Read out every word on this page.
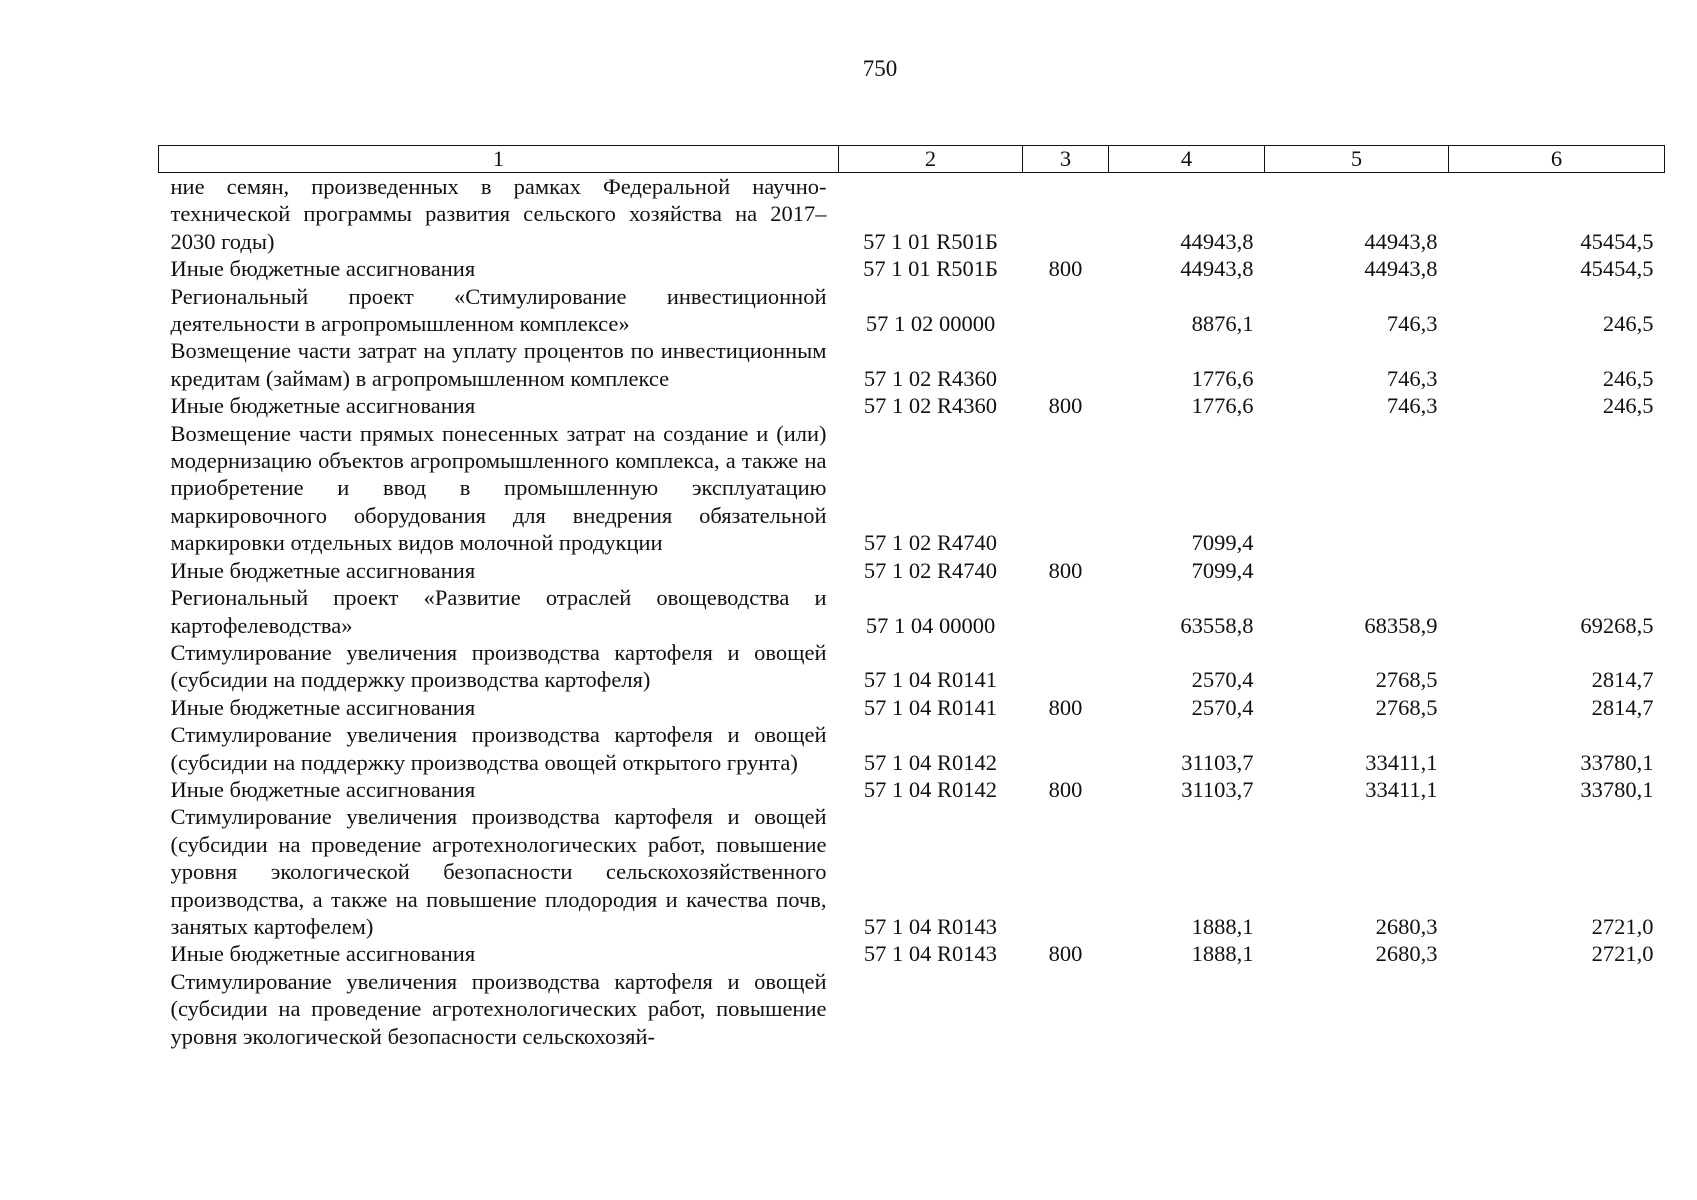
750
1	2	3	4	5	6
ние семян, произведенных в рамках Федеральной научно-технической программы развития сельского хозяйства на 2017–2030 годы)	57 1 01 R501Б		44943,8	44943,8	45454,5
Иные бюджетные ассигнования	57 1 01 R501Б	800	44943,8	44943,8	45454,5
Региональный проект «Стимулирование инвестиционной деятельности в агропромышленном комплексе»	57 1 02 00000		8876,1	746,3	246,5
Возмещение части затрат на уплату процентов по инвестиционным кредитам (займам) в агропромышленном комплексе	57 1 02 R4360		1776,6	746,3	246,5
Иные бюджетные ассигнования	57 1 02 R4360	800	1776,6	746,3	246,5
Возмещение части прямых понесенных затрат на создание и (или) модернизацию объектов агропромышленного комплекса, а также на приобретение и ввод в промышленную эксплуатацию маркировочного оборудования для внедрения обязательной маркировки отдельных видов молочной продукции	57 1 02 R4740		7099,4		
Иные бюджетные ассигнования	57 1 02 R4740	800	7099,4		
Региональный проект «Развитие отраслей овощеводства и картофелеводства»	57 1 04 00000		63558,8	68358,9	69268,5
Стимулирование увеличения производства картофеля и овощей (субсидии на поддержку производства картофеля)	57 1 04 R0141		2570,4	2768,5	2814,7
Иные бюджетные ассигнования	57 1 04 R0141	800	2570,4	2768,5	2814,7
Стимулирование увеличения производства картофеля и овощей (субсидии на поддержку производства овощей открытого грунта)	57 1 04 R0142		31103,7	33411,1	33780,1
Иные бюджетные ассигнования	57 1 04 R0142	800	31103,7	33411,1	33780,1
Стимулирование увеличения производства картофеля и овощей (субсидии на проведение агротехнологических работ, повышение уровня экологической безопасности сельскохозяйственного производства, а также на повышение плодородия и качества почв, занятых картофелем)	57 1 04 R0143		1888,1	2680,3	2721,0
Иные бюджетные ассигнования	57 1 04 R0143	800	1888,1	2680,3	2721,0
Стимулирование увеличения производства картофеля и овощей (субсидии на проведение агротехнологических работ, повышение уровня экологической безопасности сельскохозяй-					
